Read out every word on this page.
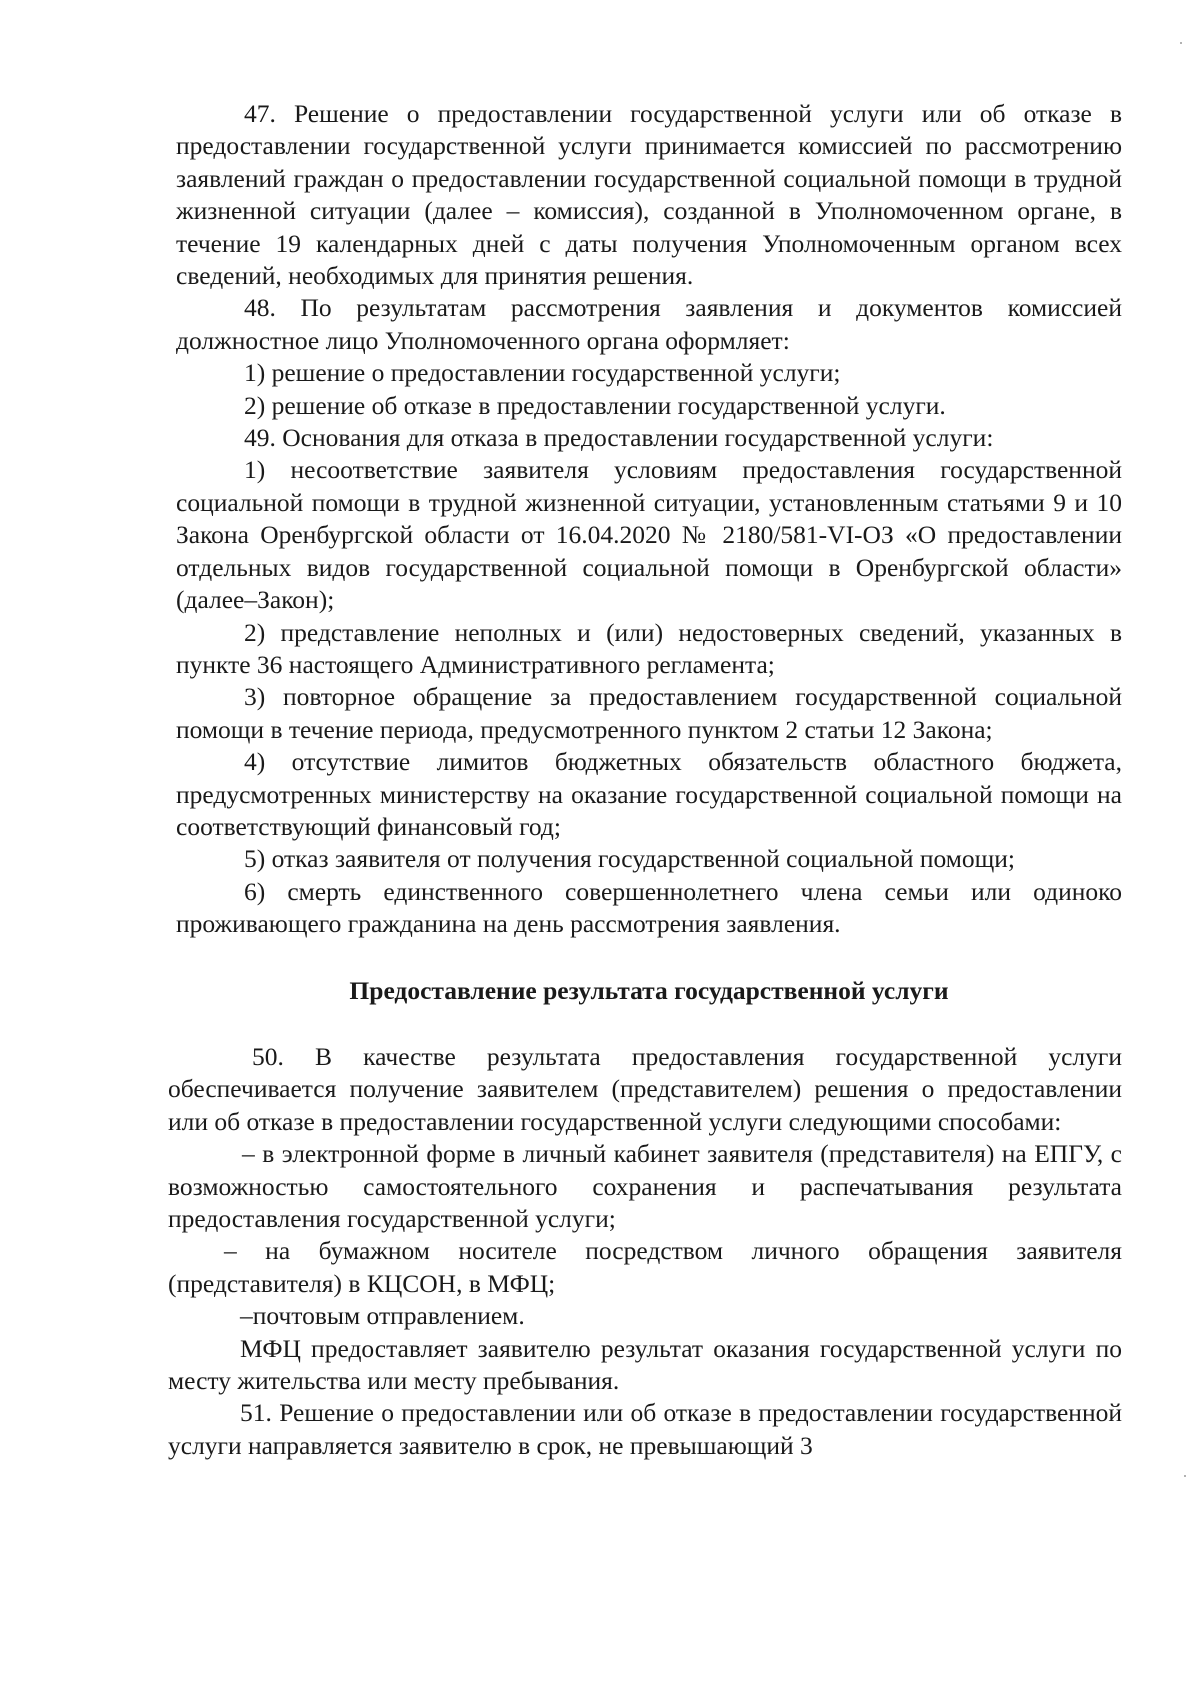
47. Решение о предоставлении государственной услуги или об отказе в предоставлении государственной услуги принимается комиссией по рассмотрению заявлений граждан о предоставлении государственной социальной помощи в трудной жизненной ситуации (далее – комиссия), созданной в Уполномоченном органе, в течение 19 календарных дней с даты получения Уполномоченным органом всех сведений, необходимых для принятия решения.

48. По результатам рассмотрения заявления и документов комиссией должностное лицо Уполномоченного органа оформляет:

1) решение о предоставлении государственной услуги;

2) решение об отказе в предоставлении государственной услуги.

49. Основания для отказа в предоставлении государственной услуги:

1) несоответствие заявителя условиям предоставления государственной социальной помощи в трудной жизненной ситуации, установленным статьями 9 и 10 Закона Оренбургской области от 16.04.2020 № 2180/581-VI-ОЗ «О предоставлении отдельных видов государственной социальной помощи в Оренбургской области» (далее–Закон);

2) представление неполных и (или) недостоверных сведений, указанных в пункте 36 настоящего Административного регламента;

3) повторное обращение за предоставлением государственной социальной помощи в течение периода, предусмотренного пунктом 2 статьи 12 Закона;

4) отсутствие лимитов бюджетных обязательств областного бюджета, предусмотренных министерству на оказание государственной социальной помощи на соответствующий финансовый год;

5) отказ заявителя от получения государственной социальной помощи;

6) смерть единственного совершеннолетнего члена семьи или одиноко проживающего гражданина на день рассмотрения заявления.

Предоставление результата государственной услуги

50. В качестве результата предоставления государственной услуги обеспечивается получение заявителем (представителем) решения о предоставлении или об отказе в предоставлении государственной услуги следующими способами:

– в электронной форме в личный кабинет заявителя (представителя) на ЕПГУ, с возможностью самостоятельного сохранения и распечатывания результата предоставления государственной услуги;

– на бумажном носителе посредством личного обращения заявителя (представителя) в КЦСОН, в МФЦ;

–почтовым отправлением.

МФЦ предоставляет заявителю результат оказания государственной услуги по месту жительства или месту пребывания.

51. Решение о предоставлении или об отказе в предоставлении государственной услуги направляется заявителю в срок, не превышающий 3
